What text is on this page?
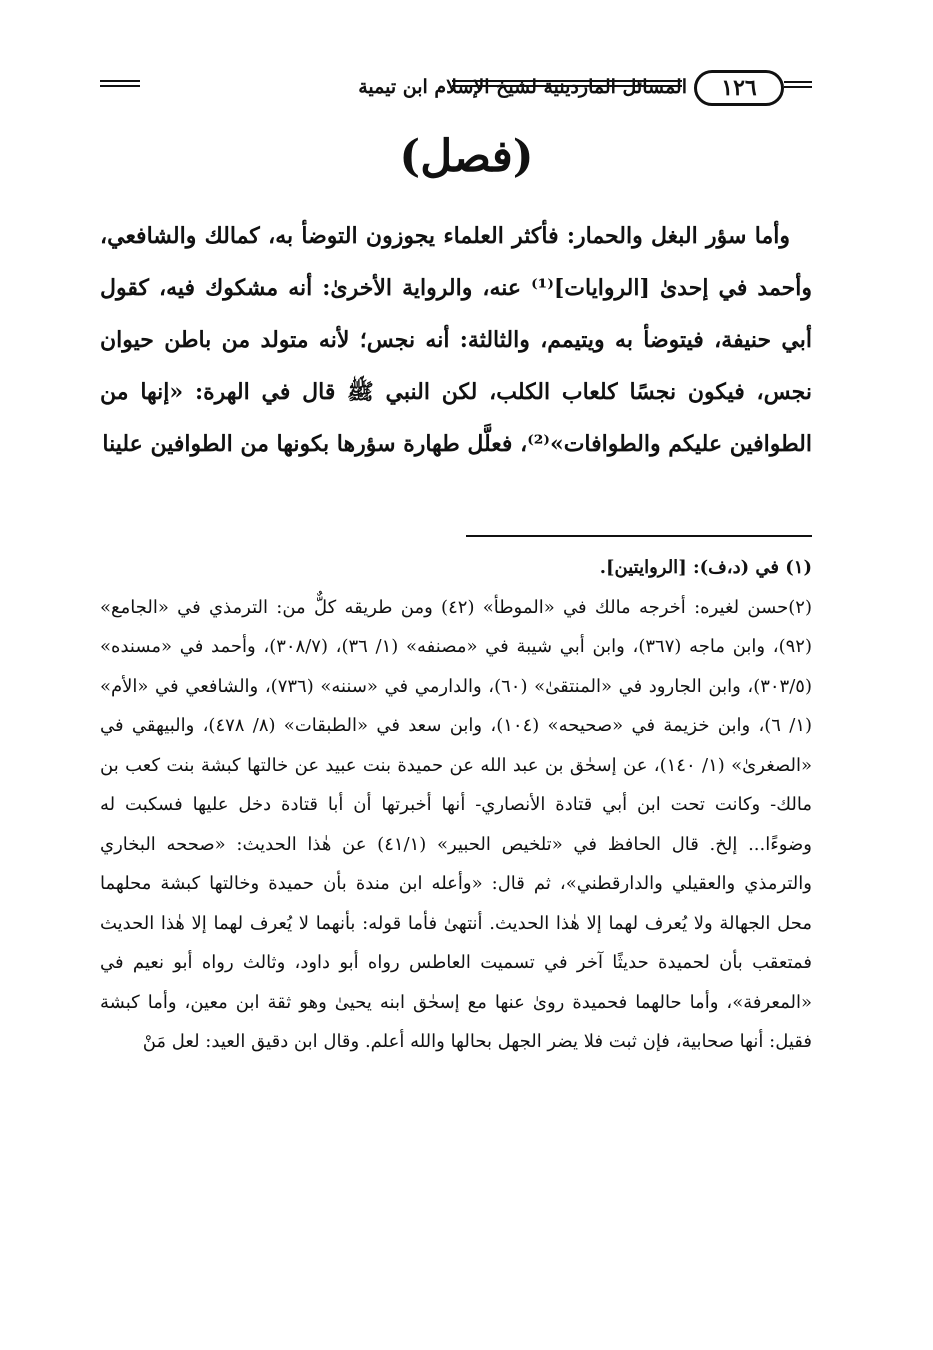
المسائل الماردينية لشيخ الإسلام ابن تيمية	١٢٦
(فصل)

وأما سؤر البغل والحمار: فأكثر العلماء يجوزون التوضأ به، كمالك والشافعي، وأحمد في إحدىٰ [الروايات]⁽¹⁾ عنه، والرواية الأخرىٰ: أنه مشكوك فيه، كقول أبي حنيفة، فيتوضأ به ويتيمم، والثالثة: أنه نجس؛ لأنه متولد من باطن حيوان نجس، فيكون نجسًا كلعاب الكلب، لكن النبي ﷺ قال في الهرة: «إنها من الطوافين عليكم والطوافات»⁽²⁾، فعلَّل طهارة سؤرها بكونها من الطوافين علينا

(١) في (د،ف): [الروايتين].

(٢)حسن لغيره: أخرجه مالك في «الموطأ» (٤٢) ومن طريقه كلٌّ من: الترمذي في «الجامع» (٩٢)، وابن ماجه (٣٦٧)، وابن أبي شيبة في «مصنفه» (١/ ٣٦)، (٣٠٨/٧)، وأحمد في «مسنده» (٣٠٣/٥)، وابن الجارود في «المنتقىٰ» (٦٠)، والدارمي في «سننه» (٧٣٦)، والشافعي في «الأم» (١/ ٦)، وابن خزيمة في «صحيحه» (١٠٤)، وابن سعد في «الطبقات» (٨/ ٤٧٨)، والبيهقي في «الصغرىٰ» (١/ ١٤٠)، عن إسحٰق بن عبد الله عن حميدة بنت عبيد عن خالتها كبشة بنت كعب بن مالك- وكانت تحت ابن أبي قتادة الأنصاري- أنها أخبرتها أن أبا قتادة دخل عليها فسكبت له وضوءًا... إلخ. قال الحافظ في «تلخيص الحبير» (٤١/١) عن هٰذا الحديث: «صححه البخاري والترمذي والعقيلي والدارقطني»، ثم قال: «وأعله ابن مندة بأن حميدة وخالتها كبشة محلهما محل الجهالة ولا يُعرف لهما إلا هٰذا الحديث. أنتهىٰ فأما قوله: بأنهما لا يُعرف لهما إلا هٰذا الحديث فمتعقب بأن لحميدة حديثًا آخر في تسميت العاطس رواه أبو داود، وثالث رواه أبو نعيم في «المعرفة»، وأما حالهما فحميدة روىٰ عنها مع إسحٰق ابنه يحيىٰ وهو ثقة ابن معين، وأما كبشة فقيل: أنها صحابية، فإن ثبت فلا يضر الجهل بحالها والله أعلم. وقال ابن دقيق العيد: لعل مَنْ
